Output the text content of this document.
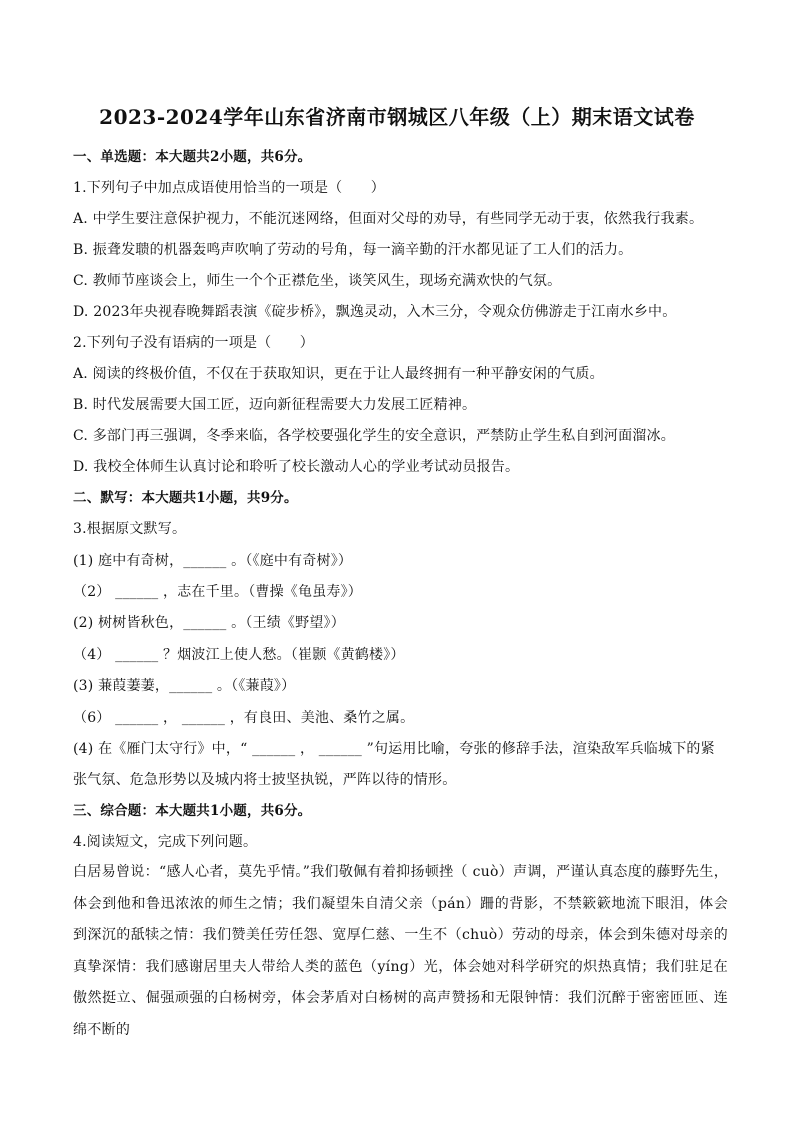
2023-2024学年山东省济南市钢城区八年级（上）期末语文试卷
一、单选题：本大题共2小题，共6分。
1.下列句子中加点成语使用恰当的一项是（　　）
A. 中学生要注意保护视力，不能沉迷网络，但面对父母的劝导，有些同学无动于衷，依然我行我素。
B. 振聋发聩的机器轰鸣声吹响了劳动的号角，每一滴辛勤的汗水都见证了工人们的活力。
C. 教师节座谈会上，师生一个个正襟危坐，谈笑风生，现场充满欢快的气氛。
D. 2023年央视春晚舞蹈表演《碇步桥》，飘逸灵动，入木三分，令观众仿佛游走于江南水乡中。
2.下列句子没有语病的一项是（　　）
A. 阅读的终极价值，不仅在于获取知识，更在于让人最终拥有一种平静安闲的气质。
B. 时代发展需要大国工匠，迈向新征程需要大力发展工匠精神。
C. 多部门再三强调，冬季来临，各学校要强化学生的安全意识，严禁防止学生私自到河面溜冰。
D. 我校全体师生认真讨论和聆听了校长激动人心的学业考试动员报告。
二、默写：本大题共1小题，共9分。
3.根据原文默写。
(1) 庭中有奇树，______ 。（《庭中有奇树》）
（2） ______ ，志在千里。（曹操《龟虽寿》）
(2) 树树皆秋色，______ 。（王绩《野望》）
（4） ______ ？烟波江上使人愁。（崔颢《黄鹤楼》）
(3) 蒹葭萋萋，______ 。（《蒹葭》）
（6） ______ ， ______ ，有良田、美池、桑竹之属。
(4) 在《雁门太守行》中，“ ______ ， ______ ”句运用比喻，夸张的修辞手法，渲染敌军兵临城下的紧
张气氛、危急形势以及城内将士披坚执锐，严阵以待的情形。
三、综合题：本大题共1小题，共6分。
4.阅读短文，完成下列问题。
白居易曾说：“感人心者，莫先乎情。”我们敬佩有着抑扬顿挫（ cuò）声调，严谨认真态度的藤野先生，体会到他和鲁迅浓浓的师生之情；我们凝望朱自清父亲（pán）跚的背影，不禁簌簌地流下眼泪，体会到深沉的舐犊之情：我们赞美任劳任怨、宽厚仁慈、一生不（chuò）劳动的母亲，体会到朱德对母亲的真挚深情：我们感谢居里夫人带给人类的蓝色（yíng）光，体会她对科学研究的炽热真情；我们驻足在傲然挺立、倔强顽强的白杨树旁，体会茅盾对白杨树的高声赞扬和无限钟情：我们沉醉于密密匝匝、连绵不断的
